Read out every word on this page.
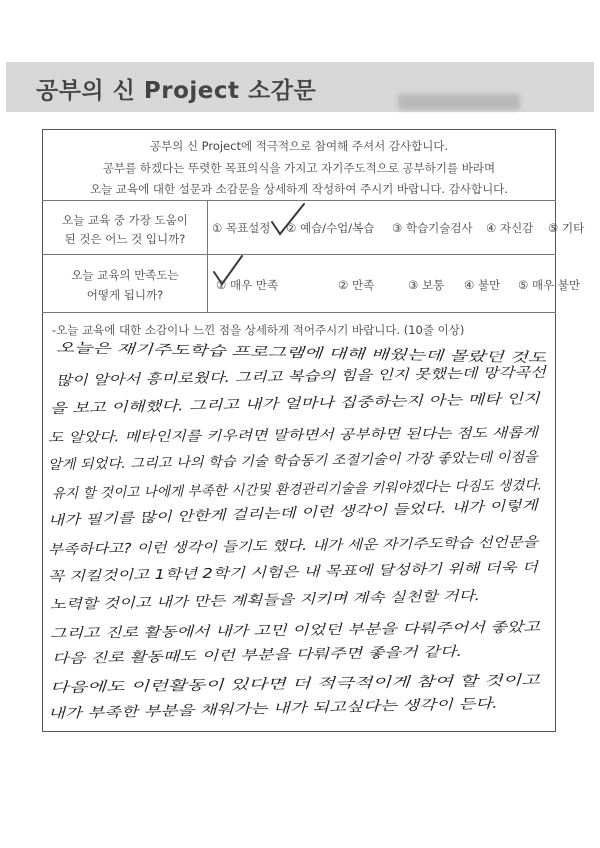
공부의 신 Project 소감문
공부의 신 Project에 적극적으로 참여해 주셔서 감사합니다.
공부를 하겠다는 뚜렷한 목표의식을 가지고 자기주도적으로 공부하기를 바라며
오늘 교육에 대한 설문과 소감문을 상세하게 작성하여 주시기 바랍니다. 감사합니다.
오늘 교육 중 가장 도움이
된 것은 어느 것 입니까?
① 목표설정 ② 예습/수업/복습 ③ 학습기술검사 ④ 자신감 ⑤ 기타
오늘 교육의 만족도는
어떻게 됩니까?
① 매우 만족	② 만족	③ 보통 ④ 불만 ⑤ 매우 불만
-오늘 교육에 대한 소감이나 느낀 점을 상세하게 적어주시기 바랍니다. (10줄 이상)
오늘은 재기주도학습 프로그램에 대해 배웠는데 몰랐던 것도
많이 알아서 흥미로웠다. 그리고 복습의 힘을 인지 못했는데 망각곡선
을 보고 이해했다. 그리고 내가 얼마나 집중하는지 아는 메타 인지
도 알았다. 메타인지를 키우려면 말하면서 공부하면 된다는 점도 새롭게
알게 되었다. 그리고 나의 학습 기술 학습동기 조절기술이 가장 좋았는데 이점을
유지 할 것이고 나에게 부족한 시간및 환경관리기술을 키워야겠다는 다짐도 생겼다.
내가 필기를 많이 안한게 걸리는데 이런 생각이 들었다. 내가 이렇게
부족하다고? 이런 생각이 들기도 했다. 내가 세운 자기주도학습 선언문을
꼭 지킬것이고 1학년 2학기 시험은 내 목표에 달성하기 위해 더욱 더
노력할 것이고 내가 만든 계획들을 지키며 계속 실천할 거다.
그리고 진로 활동에서 내가 고민 이었던 부분을 다뤄주어서 좋았고
다음 진로 활동때도 이런 부분을 다뤄주면 좋을거 같다.
다음에도 이런활동이 있다면 더 적극적이게 참여 할 것이고
내가 부족한 부분을 채워가는 내가 되고싶다는 생각이 든다.
